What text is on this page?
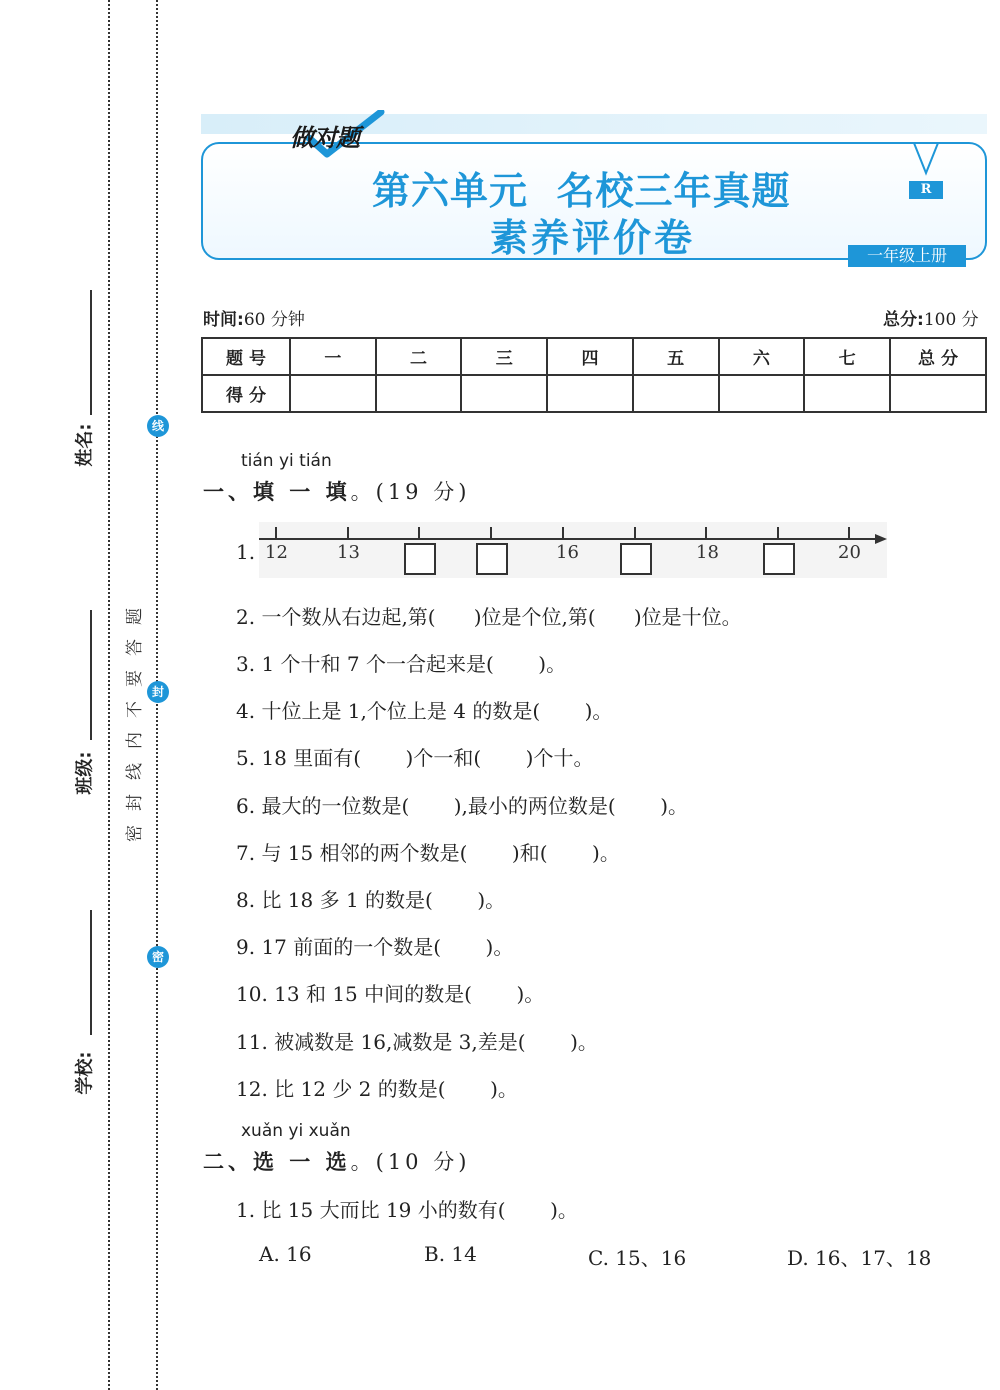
姓名:
班级:
学校:
密封线内不要答题
线
封
密
做对题
第六单元  名校三年真题
素养评价卷
R
一年级上册
时间:60 分钟	总分:100 分
题 号	一	二	三	四	五	六	七	总 分
得 分								
tián yi tián
一、填 一 填。(19 分)
1. 12	13	16	18	20
2. 一个数从右边起,第(      )位是个位,第(      )位是十位。
3. 1 个十和 7 个一合起来是(       )。
4. 十位上是 1,个位上是 4 的数是(       )。
5. 18 里面有(       )个一和(       )个十。
6. 最大的一位数是(       ),最小的两位数是(       )。
7. 与 15 相邻的两个数是(       )和(       )。
8. 比 18 多 1 的数是(       )。
9. 17 前面的一个数是(       )。
10. 13 和 15 中间的数是(       )。
11. 被减数是 16,减数是 3,差是(       )。
12. 比 12 少 2 的数是(       )。
xuǎn yi xuǎn
二、选 一 选。(10 分)
1. 比 15 大而比 19 小的数有(       )。
A. 16	B. 14	C. 15、16	D. 16、17、18
